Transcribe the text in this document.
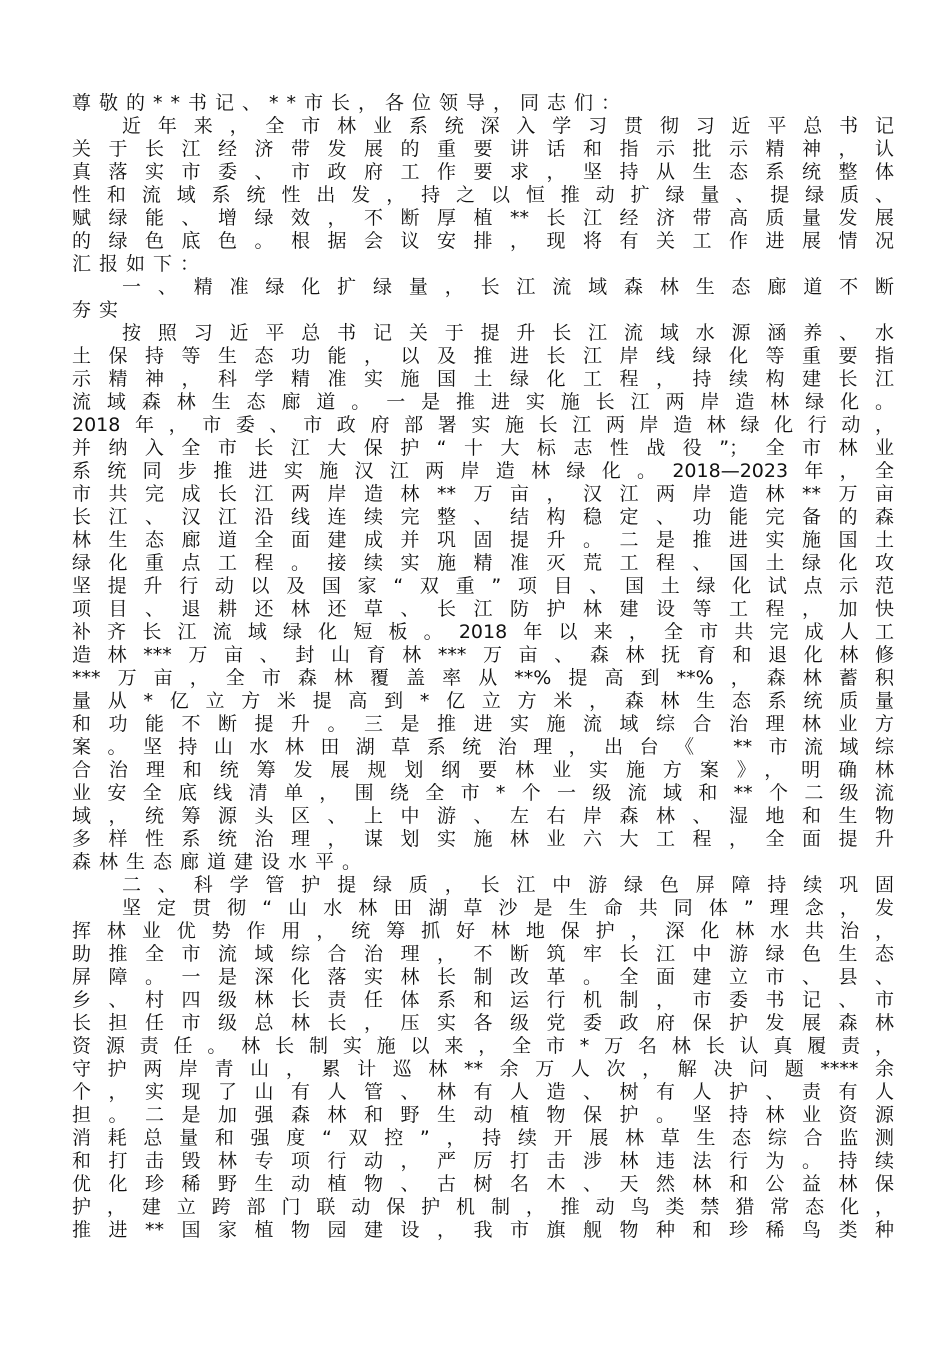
尊敬的**书记、**市长，各位领导，同志们：
近年来，全市林业系统深入学习贯彻习近平总书记
关于长江经济带发展的重要讲话和指示批示精神，认
真落实市委、市政府工作要求，坚持从生态系统整体
性和流域系统性出发，持之以恒推动扩绿量、提绿质、
赋绿能、增绿效，不断厚植**长江经济带高质量发展
的绿色底色。根据会议安排，现将有关工作进展情况
汇报如下：
一、精准绿化扩绿量，长江流域森林生态廊道不断
夯实
按照习近平总书记关于提升长江流域水源涵养、水
土保持等生态功能，以及推进长江岸线绿化等重要指
示精神，科学精准实施国土绿化工程，持续构建长江
流域森林生态廊道。一是推进实施长江两岸造林绿化。
2018年，市委、市政府部署实施长江两岸造林绿化行动，
并纳入全市长江大保护“十大标志性战役”；全市林业
系统同步推进实施汉江两岸造林绿化。2018—2023年，全
市共完成长江两岸造林**万亩，汉江两岸造林**万亩
长江、汉江沿线连续完整、结构稳定、功能完备的森
林生态廊道全面建成并巩固提升。二是推进实施国土
绿化重点工程。接续实施精准灭荒工程、国土绿化攻
坚提升行动以及国家“双重”项目、国土绿化试点示范
项目、退耕还林还草、长江防护林建设等工程，加快
补齐长江流域绿化短板。2018年以来，全市共完成人工
造林***万亩、封山育林***万亩、森林抚育和退化林修
***万亩，全市森林覆盖率从**%提高到**%，森林蓄积
量从*亿立方米提高到*亿立方米，森林生态系统质量
和功能不断提升。三是推进实施流域综合治理林业方
案。坚持山水林田湖草系统治理，出台《 **市流域综
合治理和统筹发展规划纲要林业实施方案》，明确林
业安全底线清单，围绕全市*个一级流域和**个二级流
域，统筹源头区、上中游、左右岸森林、湿地和生物
多样性系统治理，谋划实施林业六大工程，全面提升
森林生态廊道建设水平。
二、科学管护提绿质，长江中游绿色屏障持续巩固
坚定贯彻“山水林田湖草沙是生命共同体”理念，发
挥林业优势作用，统筹抓好林地保护，深化林水共治，
助推全市流域综合治理，不断筑牢长江中游绿色生态
屏障。一是深化落实林长制改革。全面建立市、县、
乡、村四级林长责任体系和运行机制，市委书记、市
长担任市级总林长，压实各级党委政府保护发展森林
资源责任。林长制实施以来，全市*万名林长认真履责，
守护两岸青山，累计巡林**余万人次，解决问题****余
个，实现了山有人管、林有人造、树有人护、责有人
担。二是加强森林和野生动植物保护。坚持林业资源
消耗总量和强度“双控”，持续开展林草生态综合监测
和打击毁林专项行动，严厉打击涉林违法行为。持续
优化珍稀野生动植物、古树名木、天然林和公益林保
护，建立跨部门联动保护机制，推动鸟类禁猎常态化，
推进**国家植物园建设，我市旗舰物种和珍稀鸟类种
